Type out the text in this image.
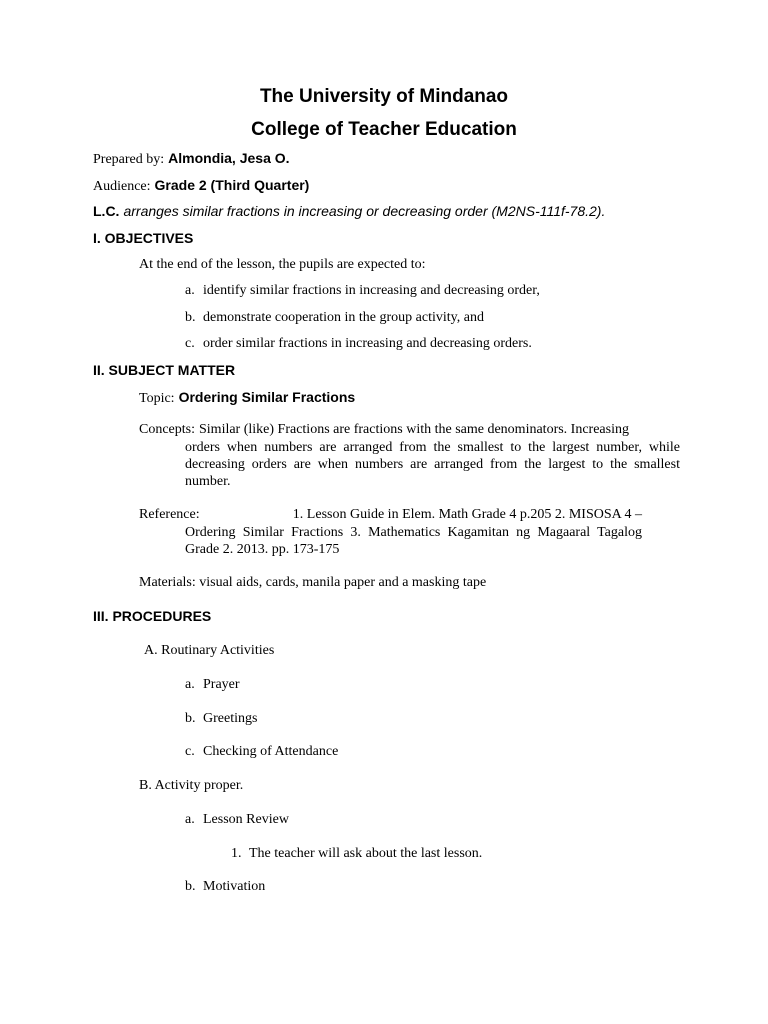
The University of Mindanao
College of Teacher Education
Prepared by: Almondia, Jesa O.
Audience: Grade 2 (Third Quarter)
L.C. arranges similar fractions in increasing or decreasing order (M2NS-111f-78.2).
I. OBJECTIVES
At the end of the lesson, the pupils are expected to:
a. identify similar fractions in increasing and decreasing order,
b. demonstrate cooperation in the group activity, and
c. order similar fractions in increasing and decreasing orders.
II. SUBJECT MATTER
Topic: Ordering Similar Fractions
Concepts: Similar (like) Fractions are fractions with the same denominators. Increasing
orders when numbers are arranged from the smallest to the largest number, while decreasing orders are when numbers are arranged from the largest to the smallest number.
Reference:	1. Lesson Guide in Elem. Math Grade 4 p.205 2. MISOSA 4 –
Ordering Similar Fractions 3. Mathematics Kagamitan ng Magaaral Tagalog Grade 2. 2013. pp. 173-175
Materials: visual aids, cards, manila paper and a masking tape
III. PROCEDURES
A. Routinary Activities
a. Prayer
b. Greetings
c. Checking of Attendance
B. Activity proper.
a. Lesson Review
1. The teacher will ask about the last lesson.
b. Motivation
